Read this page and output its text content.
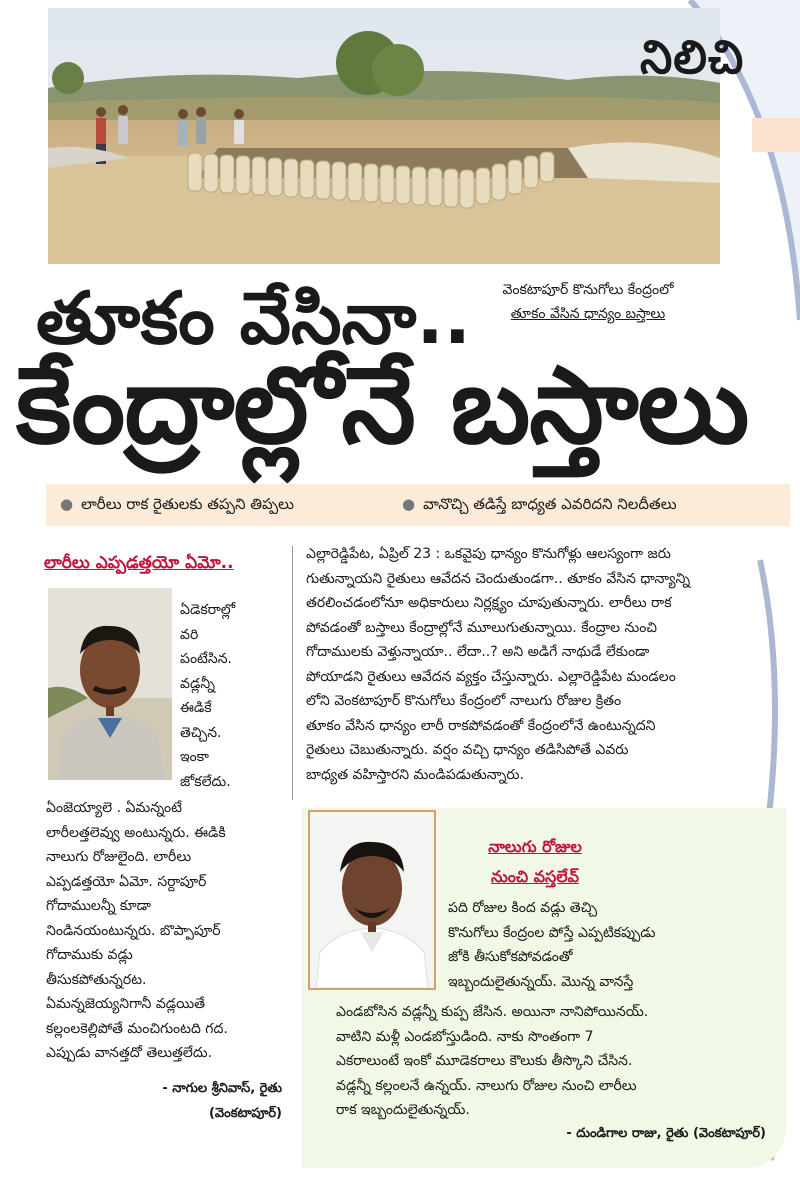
నిలిచి
వెంకటాపూర్ కొనుగోలు కేంద్రంలో
తూకం వేసిన ధాన్యం బస్తాలు
తూకం వేసినా..
కేంద్రాల్లోనే బస్తాలు
● లారీలు రాక రైతులకు తప్పని తిప్పలు	● వానొచ్చి తడిస్తే బాధ్యత ఎవరిదని నిలదీతలు
లారీలు ఎప్పడత్తయో ఏమో..
ఏడెకరాల్లో
వరి
పంటేసిన.
వడ్లన్నీ
ఈడికే
తెచ్చిన.
ఇంకా
జోకలేదు.
ఏంజెయ్యాలె . ఏమన్నంటే
లారీలత్తలెవ్వు అంటున్నరు. ఈడికి
నాలుగు రోజులైంది. లారీలు
ఎప్పడత్తయో ఏమో. సర్దాపూర్
గోదాములన్నీ కూడా
నిండినయంటున్నరు. బొప్పాపూర్
గోదాముకు వడ్లు
తీసుకపోతున్నరట.
ఏమన్నజెయ్యనిగానీ వడ్లయితే
కల్లంలకెల్లిపోతే మంచిగుంటది గద.
ఎప్పుడు వానత్తదో తెలుత్తలేదు.
- నాగుల శ్రీనివాస్, రైతు
(వెంకటాపూర్)
ఎల్లారెడ్డిపేట, ఏప్రిల్ 23 : ఒకవైపు ధాన్యం కొనుగోళ్లు ఆలస్యంగా జరు
గుతున్నాయని రైతులు ఆవేదన చెందుతుండగా.. తూకం వేసిన ధాన్యాన్ని
తరలించడంలోనూ అధికారులు నిర్లక్ష్యం చూపుతున్నారు. లారీలు రాక
పోవడంతో బస్తాలు కేంద్రాల్లోనే మూలుగుతున్నాయి. కేంద్రాల నుంచి
గోదాములకు వెళ్తున్నాయా.. లేదా..? అని అడిగే నాథుడే లేకుండా
పోయాడని రైతులు ఆవేదన వ్యక్తం చేస్తున్నారు. ఎల్లారెడ్డిపేట మండలం
లోని వెంకటాపూర్ కొనుగోలు కేంద్రంలో నాలుగు రోజుల క్రితం
తూకం వేసిన ధాన్యం లారీ రాకపోవడంతో కేంద్రంలోనే ఉంటున్నదని
రైతులు చెబుతున్నారు. వర్షం వచ్చి ధాన్యం తడిసిపోతే ఎవరు
బాధ్యత వహిస్తారని మండిపడుతున్నారు.
నాలుగు రోజుల
నుంచి వస్తలేవ్
పది రోజుల కింద వడ్లు తెచ్చి
కొనుగోలు కేంద్రంల పోస్తే ఎప్పటికప్పుడు
జోకి తీసుకోకపోవడంతో
ఇబ్బందులైతున్నయ్. మొన్న వానస్తే
ఎండబోసిన వడ్లన్నీ కుప్ప జేసిన. అయినా నానిపోయినయ్.
వాటిని మళ్లీ ఎండబోస్తుడింది. నాకు సొంతంగా 7
ఎకరాలుంటే ఇంకో మూడెకరాలు కౌలుకు తీస్కొని చేసిన.
వడ్లన్నీ కల్లంలనే ఉన్నయ్. నాలుగు రోజుల నుంచి లారీలు
రాక ఇబ్బందులైతున్నయ్.
- దుండిగాల రాజు, రైతు (వెంకటాపూర్)
